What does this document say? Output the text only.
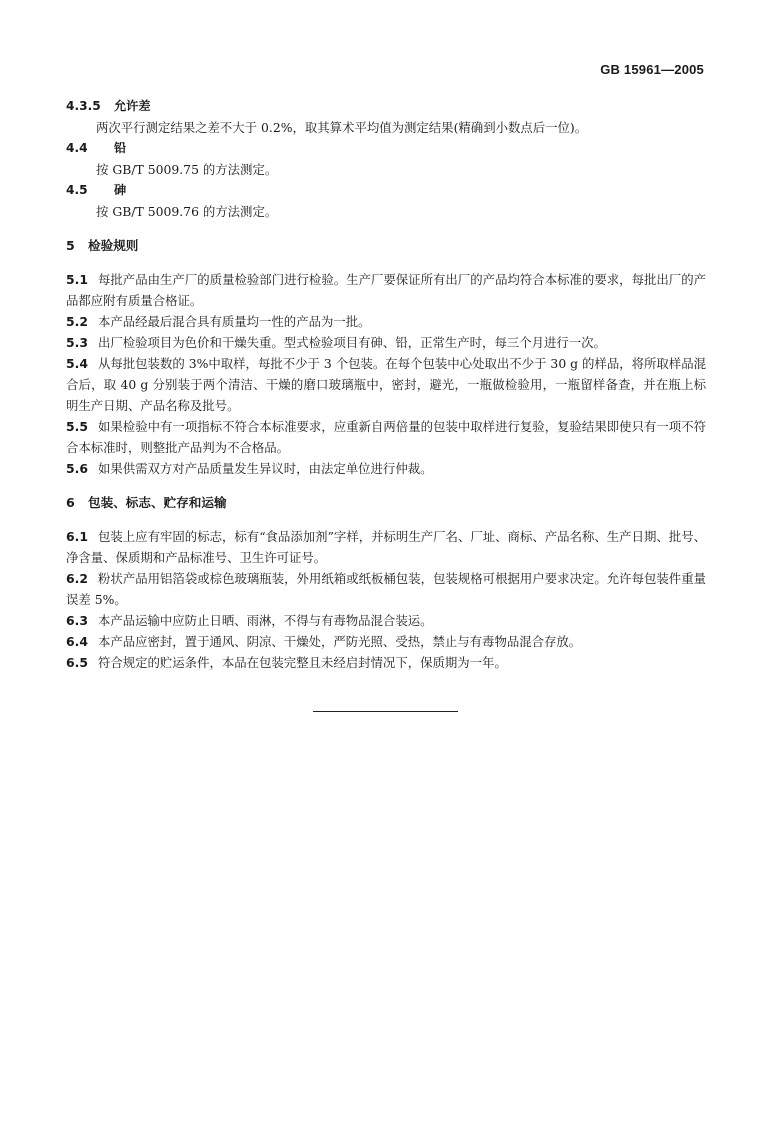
GB 15961—2005
4.3.5 允许差
两次平行测定结果之差不大于 0.2%，取其算术平均值为测定结果(精确到小数点后一位)。
4.4 铅
按 GB/T 5009.75 的方法测定。
4.5 砷
按 GB/T 5009.76 的方法测定。
5 检验规则
5.1 每批产品由生产厂的质量检验部门进行检验。生产厂要保证所有出厂的产品均符合本标准的要求，每批出厂的产品都应附有质量合格证。
5.2 本产品经最后混合具有质量均一性的产品为一批。
5.3 出厂检验项目为色价和干燥失重。型式检验项目有砷、铅，正常生产时，每三个月进行一次。
5.4 从每批包装数的 3%中取样，每批不少于 3 个包装。在每个包装中心处取出不少于 30 g 的样品，将所取样品混合后，取 40 g 分别装于两个清洁、干燥的磨口玻璃瓶中，密封，避光，一瓶做检验用，一瓶留样备查，并在瓶上标明生产日期、产品名称及批号。
5.5 如果检验中有一项指标不符合本标准要求，应重新自两倍量的包装中取样进行复验，复验结果即使只有一项不符合本标准时，则整批产品判为不合格品。
5.6 如果供需双方对产品质量发生异议时，由法定单位进行仲裁。
6 包装、标志、贮存和运输
6.1 包装上应有牢固的标志，标有“食品添加剂”字样，并标明生产厂名、厂址、商标、产品名称、生产日期、批号、净含量、保质期和产品标准号、卫生许可证号。
6.2 粉状产品用铝箔袋或棕色玻璃瓶装，外用纸箱或纸板桶包装，包装规格可根据用户要求决定。允许每包装件重量误差 5%。
6.3 本产品运输中应防止日晒、雨淋，不得与有毒物品混合装运。
6.4 本产品应密封，置于通风、阴凉、干燥处，严防光照、受热，禁止与有毒物品混合存放。
6.5 符合规定的贮运条件，本品在包装完整且未经启封情况下，保质期为一年。
